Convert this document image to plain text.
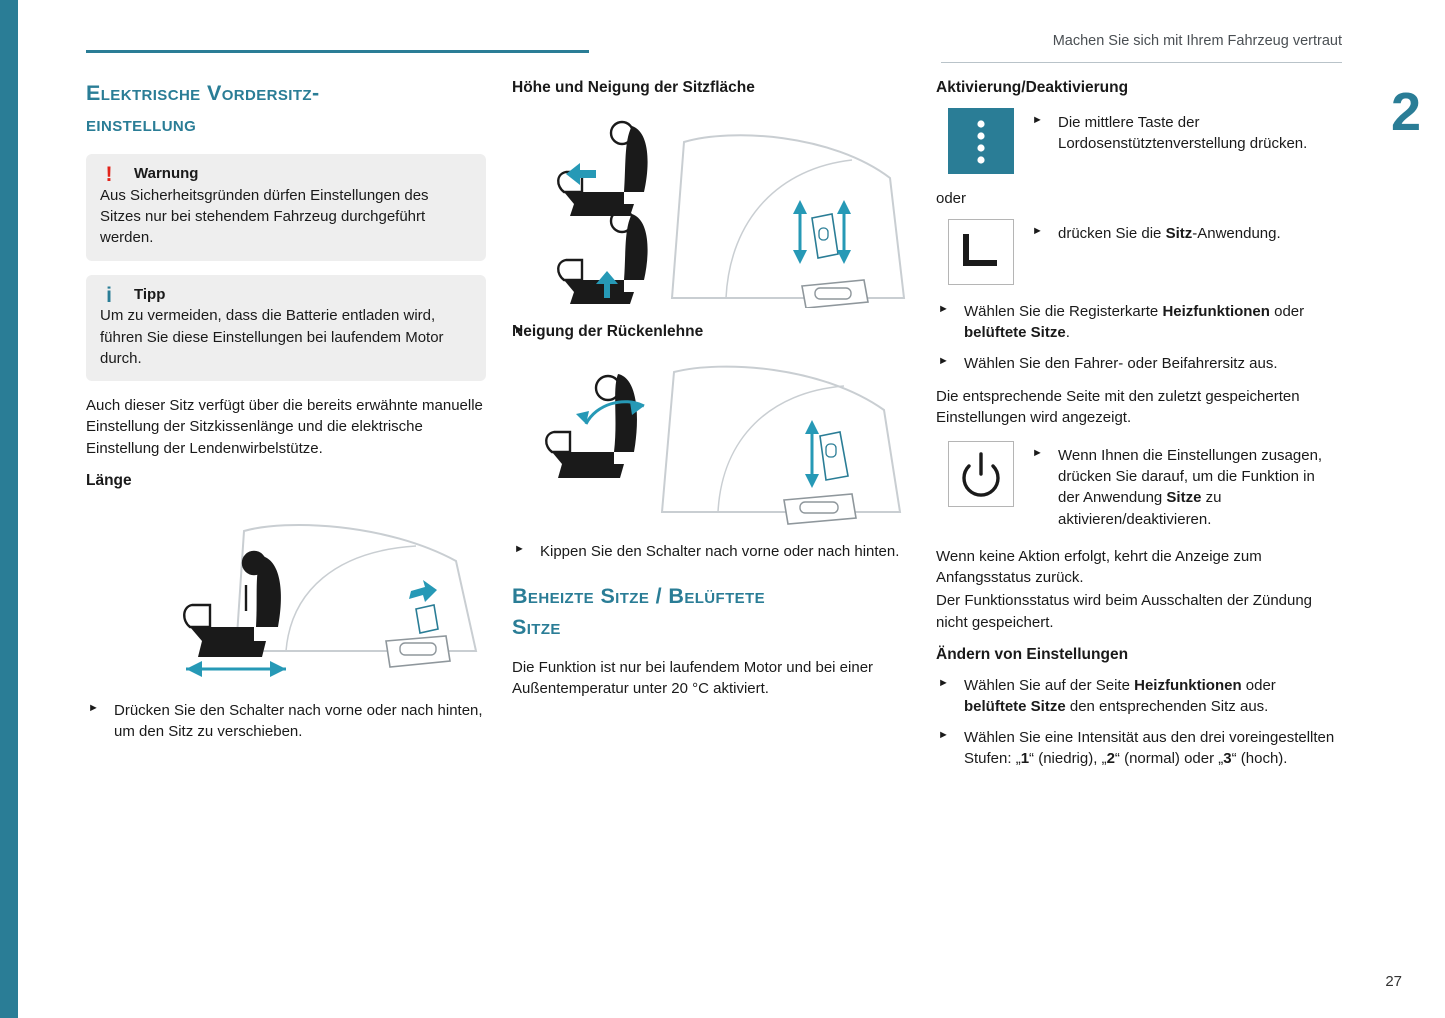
Machen Sie sich mit Ihrem Fahrzeug vertraut
2
27
Elektrische Vordersitz-
einstellung
!	Warnung
Aus Sicherheitsgründen dürfen Einstellungen des Sitzes nur bei stehendem Fahrzeug durchgeführt werden.
i	Tipp
Um zu vermeiden, dass die Batterie entladen wird, führen Sie diese Einstellungen bei laufendem Motor durch.

Auch dieser Sitz verfügt über die bereits erwähnte manuelle Einstellung der Sitzkissenlänge und die elektrische Einstellung der Lendenwirbelstütze.

Länge
► Drücken Sie den Schalter nach vorne oder nach hinten, um den Sitz zu verschieben.
Höhe und Neigung der Sitzfläche
Neigung der Rückenlehne
► Kippen Sie den Schalter nach vorne oder nach hinten.
Beheizte Sitze / Belüftete
Sitze

Die Funktion ist nur bei laufendem Motor und bei einer Außentemperatur unter 20 °C aktiviert.

Aktivierung/Deaktivierung
► Die mittlere Taste der Lordosenstütztenverstellung drücken.
oder
► drücken Sie die Sitz-Anwendung.
► Wählen Sie die Registerkarte Heizfunktionen oder belüftete Sitze.
► Wählen Sie den Fahrer- oder Beifahrersitz aus.

Die entsprechende Seite mit den zuletzt gespeicherten Einstellungen wird angezeigt.

► Wenn Ihnen die Einstellungen zusagen, drücken Sie darauf, um die Funktion in der Anwendung Sitze zu aktivieren/deaktivieren.

Wenn keine Aktion erfolgt, kehrt die Anzeige zum Anfangsstatus zurück.

Der Funktionsstatus wird beim Ausschalten der Zündung nicht gespeichert.

Ändern von Einstellungen
► Wählen Sie auf der Seite Heizfunktionen oder belüftete Sitze den entsprechenden Sitz aus.
► Wählen Sie eine Intensität aus den drei voreingestellten Stufen: „1“ (niedrig), „2“ (normal) oder „3“ (hoch).
